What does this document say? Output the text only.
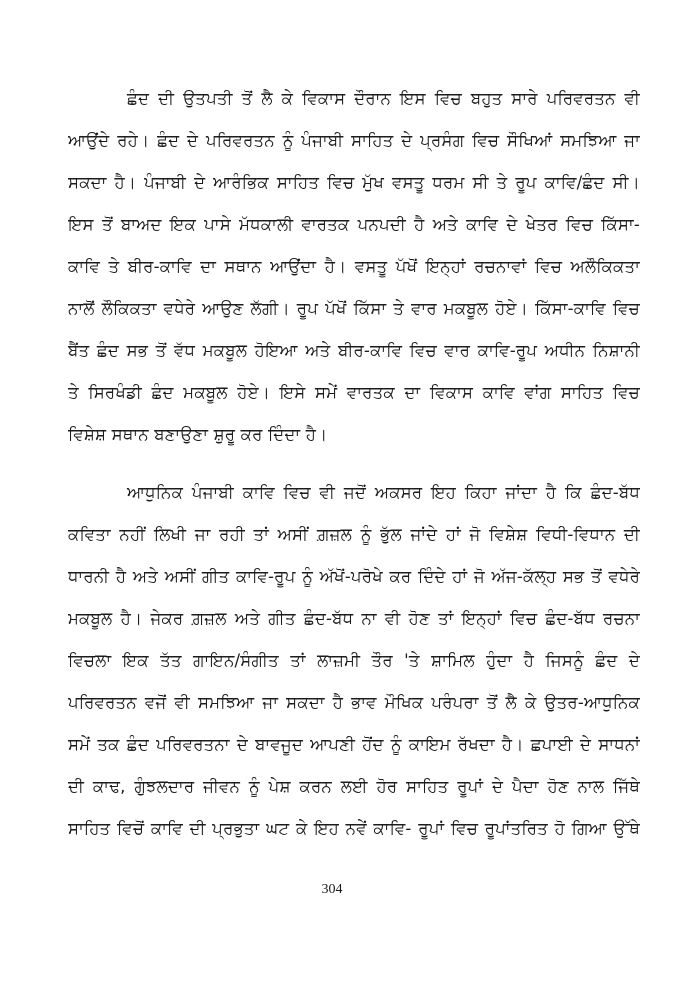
ਛੰਦ ਦੀ ਉਤਪਤੀ ਤੋਂ ਲੈ ਕੇ ਵਿਕਾਸ ਦੌਰਾਨ ਇਸ ਵਿਚ ਬਹੁਤ ਸਾਰੇ ਪਰਿਵਰਤਨ ਵੀ
ਆਉਂਦੇ ਰਹੇ। ਛੰਦ ਦੇ ਪਰਿਵਰਤਨ ਨੂੰ ਪੰਜਾਬੀ ਸਾਹਿਤ ਦੇ ਪ੍ਰਸੰਗ ਵਿਚ ਸੌਖਿਆਂ ਸਮਝਿਆ ਜਾ
ਸਕਦਾ ਹੈ। ਪੰਜਾਬੀ ਦੇ ਆਰੰਭਿਕ ਸਾਹਿਤ ਵਿਚ ਮੁੱਖ ਵਸਤੂ ਧਰਮ ਸੀ ਤੇ ਰੂਪ ਕਾਵਿ/ਛੰਦ ਸੀ।
ਇਸ ਤੋਂ ਬਾਅਦ ਇਕ ਪਾਸੇ ਮੱਧਕਾਲੀ ਵਾਰਤਕ ਪਨਪਦੀ ਹੈ ਅਤੇ ਕਾਵਿ ਦੇ ਖੇਤਰ ਵਿਚ ਕਿੱਸਾ-
ਕਾਵਿ ਤੇ ਬੀਰ-ਕਾਵਿ ਦਾ ਸਥਾਨ ਆਉਂਦਾ ਹੈ। ਵਸਤੂ ਪੱਖੋਂ ਇਨ੍ਹਾਂ ਰਚਨਾਵਾਂ ਵਿਚ ਅਲੌਕਿਕਤਾ
ਨਾਲੋਂ ਲੌਕਿਕਤਾ ਵਧੇਰੇ ਆਉਣ ਲੱਗੀ। ਰੂਪ ਪੱਖੋਂ ਕਿੱਸਾ ਤੇ ਵਾਰ ਮਕਬੂਲ ਹੋਏ। ਕਿੱਸਾ-ਕਾਵਿ ਵਿਚ
ਬੈਂਤ ਛੰਦ ਸਭ ਤੋਂ ਵੱਧ ਮਕਬੂਲ ਹੋਇਆ ਅਤੇ ਬੀਰ-ਕਾਵਿ ਵਿਚ ਵਾਰ ਕਾਵਿ-ਰੂਪ ਅਧੀਨ ਨਿਸ਼ਾਨੀ
ਤੇ ਸਿਰਖੰਡੀ ਛੰਦ ਮਕਬੂਲ ਹੋਏ। ਇਸੇ ਸਮੇਂ ਵਾਰਤਕ ਦਾ ਵਿਕਾਸ ਕਾਵਿ ਵਾਂਗ ਸਾਹਿਤ ਵਿਚ
ਵਿਸ਼ੇਸ਼ ਸਥਾਨ ਬਣਾਉਣਾ ਸ਼ੁਰੂ ਕਰ ਦਿੰਦਾ ਹੈ।
ਆਧੁਨਿਕ ਪੰਜਾਬੀ ਕਾਵਿ ਵਿਚ ਵੀ ਜਦੋਂ ਅਕਸਰ ਇਹ ਕਿਹਾ ਜਾਂਦਾ ਹੈ ਕਿ ਛੰਦ-ਬੱਧ
ਕਵਿਤਾ ਨਹੀਂ ਲਿਖੀ ਜਾ ਰਹੀ ਤਾਂ ਅਸੀਂ ਗ਼ਜ਼ਲ ਨੂੰ ਭੁੱਲ ਜਾਂਦੇ ਹਾਂ ਜੋ ਵਿਸ਼ੇਸ਼ ਵਿਧੀ-ਵਿਧਾਨ ਦੀ
ਧਾਰਨੀ ਹੈ ਅਤੇ ਅਸੀਂ ਗੀਤ ਕਾਵਿ-ਰੂਪ ਨੂੰ ਅੱਖੋਂ-ਪਰੋਖੇ ਕਰ ਦਿੰਦੇ ਹਾਂ ਜੋ ਅੱਜ-ਕੱਲ੍ਹ ਸਭ ਤੋਂ ਵਧੇਰੇ
ਮਕਬੂਲ ਹੈ। ਜੇਕਰ ਗ਼ਜ਼ਲ ਅਤੇ ਗੀਤ ਛੰਦ-ਬੱਧ ਨਾ ਵੀ ਹੋਣ ਤਾਂ ਇਨ੍ਹਾਂ ਵਿਚ ਛੰਦ-ਬੱਧ ਰਚਨਾ
ਵਿਚਲਾ ਇਕ ਤੱਤ ਗਾਇਨ/ਸੰਗੀਤ ਤਾਂ ਲਾਜ਼ਮੀ ਤੌਰ 'ਤੇ ਸ਼ਾਮਿਲ ਹੁੰਦਾ ਹੈ ਜਿਸਨੂੰ ਛੰਦ ਦੇ
ਪਰਿਵਰਤਨ ਵਜੋਂ ਵੀ ਸਮਝਿਆ ਜਾ ਸਕਦਾ ਹੈ ਭਾਵ ਮੌਖਿਕ ਪਰੰਪਰਾ ਤੋਂ ਲੈ ਕੇ ਉਤਰ-ਆਧੁਨਿਕ
ਸਮੇਂ ਤਕ ਛੰਦ ਪਰਿਵਰਤਨਾ ਦੇ ਬਾਵਜੂਦ ਆਪਣੀ ਹੋਂਦ ਨੂੰ ਕਾਇਮ ਰੱਖਦਾ ਹੈ। ਛਪਾਈ ਦੇ ਸਾਧਨਾਂ
ਦੀ ਕਾਢ, ਗੁੰਝਲਦਾਰ ਜੀਵਨ ਨੂੰ ਪੇਸ਼ ਕਰਨ ਲਈ ਹੋਰ ਸਾਹਿਤ ਰੂਪਾਂ ਦੇ ਪੈਦਾ ਹੋਣ ਨਾਲ ਜਿੱਥੇ
ਸਾਹਿਤ ਵਿਚੋਂ ਕਾਵਿ ਦੀ ਪ੍ਰਭੁਤਾ ਘਟ ਕੇ ਇਹ ਨਵੇਂ ਕਾਵਿ- ਰੂਪਾਂ ਵਿਚ ਰੂਪਾਂਤਰਿਤ ਹੋ ਗਿਆ ਉੱਥੇ
304
